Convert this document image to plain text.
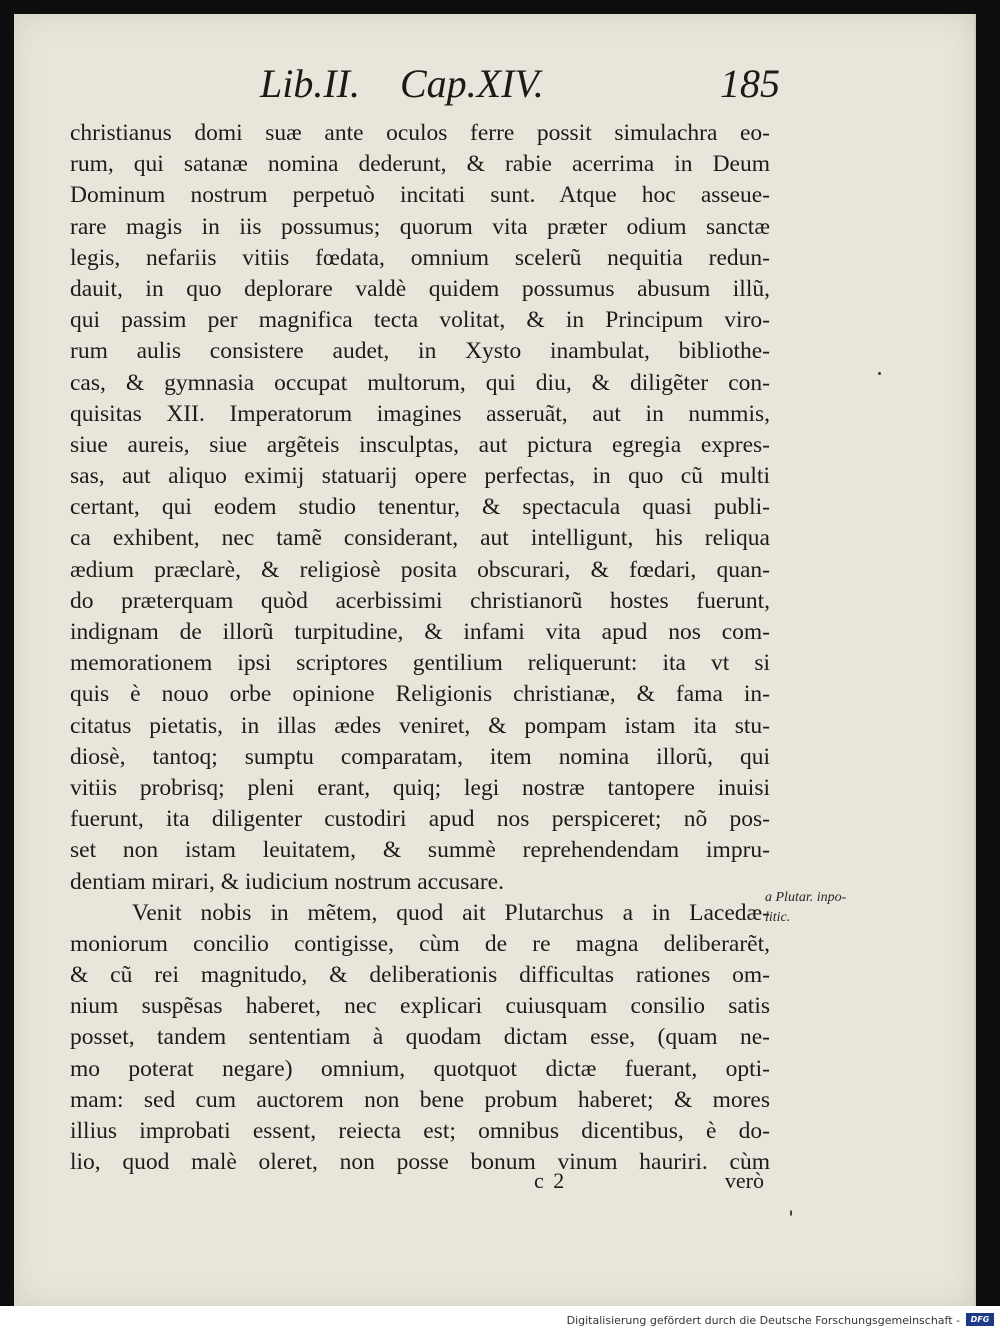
Lib.II. Cap.XIV.	185
christianus domi suæ ante oculos ferre possit simulachra eo-
rum, qui satanæ nomina dederunt, & rabie acerrima in Deum
Dominum nostrum perpetuò incitati sunt. Atque hoc asseue-
rare magis in iis possumus; quorum vita præter odium sanctæ
legis, nefariis vitiis fœdata, omnium scelerũ nequitia redun-
dauit, in quo deplorare valdè quidem possumus abusum illũ,
qui passim per magnifica tecta volitat, & in Principum viro-
rum aulis consistere audet, in Xysto inambulat, bibliothe-
cas, & gymnasia occupat multorum, qui diu, & diligẽter con-
quisitas XII. Imperatorum imagines asseruãt, aut in nummis,
siue aureis, siue argẽteis insculptas, aut pictura egregia expres-
sas, aut aliquo eximij statuarij opere perfectas, in quo cũ multi
certant, qui eodem studio tenentur, & spectacula quasi publi-
ca exhibent, nec tamẽ considerant, aut intelligunt, his reliqua
ædium præclarè, & religiosè posita obscurari, & fœdari, quan-
do præterquam quòd acerbissimi christianorũ hostes fuerunt,
indignam de illorũ turpitudine, & infami vita apud nos com-
memorationem ipsi scriptores gentilium reliquerunt: ita vt si
quis è nouo orbe opinione Religionis christianæ, & fama in-
citatus pietatis, in illas ædes veniret, & pompam istam ita stu-
diosè, tantoq; sumptu comparatam, item nomina illorũ, qui
vitiis probrisq; pleni erant, quiq; legi nostræ tantopere inuisi
fuerunt, ita diligenter custodiri apud nos perspiceret; nõ pos-
set non istam leuitatem, & summè reprehendendam impru-
dentiam mirari, & iudicium nostrum accusare.
Venit nobis in mẽtem, quod ait Plutarchus a in Lacedæ-
moniorum concilio contigisse, cùm de re magna deliberarẽt,
& cũ rei magnitudo, & deliberationis difficultas rationes om-
nium suspẽsas haberet, nec explicari cuiusquam consilio satis
posset, tandem sententiam à quodam dictam esse, (quam ne-
mo poterat negare) omnium, quotquot dictæ fuerant, opti-
mam: sed cum auctorem non bene probum haberet; & mores
illius improbati essent, reiecta est; omnibus dicentibus, è do-
lio, quod malè oleret, non posse bonum vinum hauriri. cùm
a Plutar. inpo-
litic.
c 2	verò
Digitalisierung gefördert durch die Deutsche Forschungsgemeinschaft -	DFG
